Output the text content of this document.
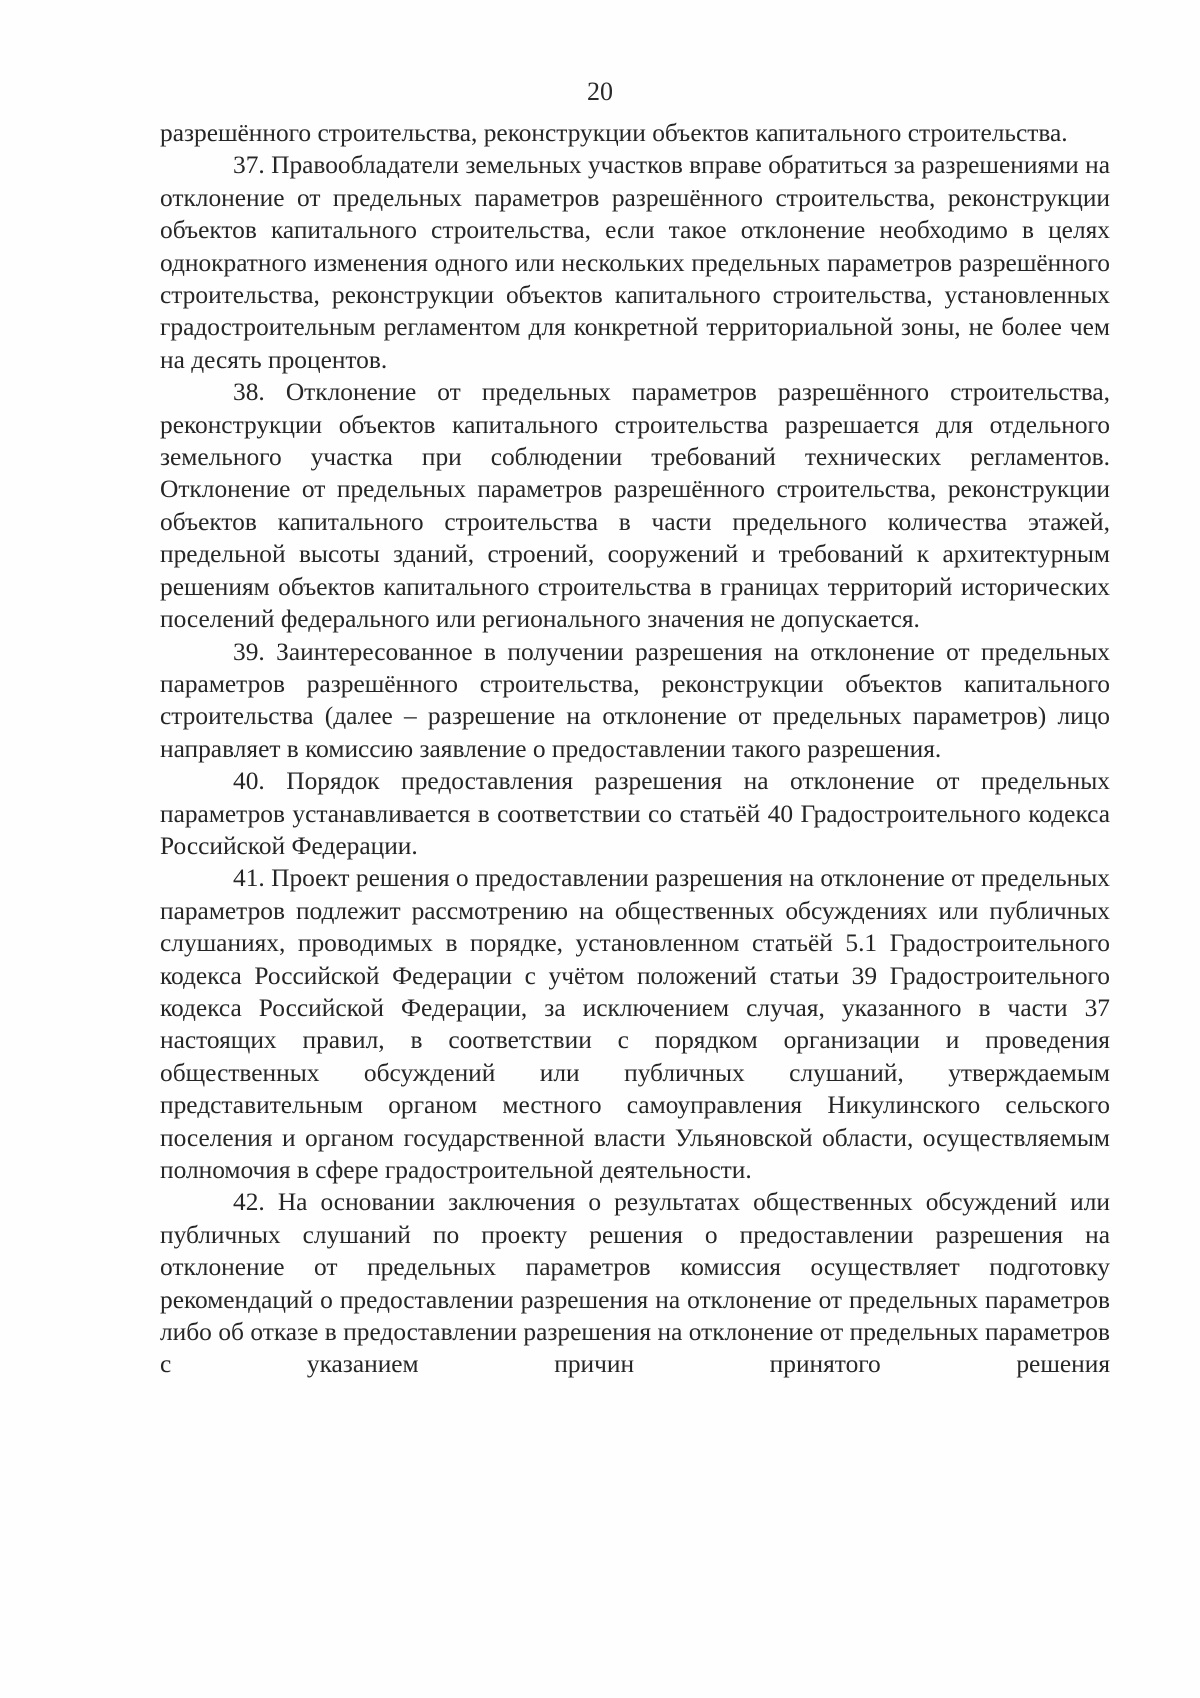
20

разрешённого строительства, реконструкции объектов капитального строительства.

37. Правообладатели земельных участков вправе обратиться за разрешениями на отклонение от предельных параметров разрешённого строительства, реконструкции объектов капитального строительства, если такое отклонение необходимо в целях однократного изменения одного или нескольких предельных параметров разрешённого строительства, реконструкции объектов капитального строительства, установленных градостроительным регламентом для конкретной территориальной зоны, не более чем на десять процентов.

38. Отклонение от предельных параметров разрешённого строительства, реконструкции объектов капитального строительства разрешается для отдельного земельного участка при соблюдении требований технических регламентов. Отклонение от предельных параметров разрешённого строительства, реконструкции объектов капитального строительства в части предельного количества этажей, предельной высоты зданий, строений, сооружений и требований к архитектурным решениям объектов капитального строительства в границах территорий исторических поселений федерального или регионального значения не допускается.

39. Заинтересованное в получении разрешения на отклонение от предельных параметров разрешённого строительства, реконструкции объектов капитального строительства (далее – разрешение на отклонение от предельных параметров) лицо направляет в комиссию заявление о предоставлении такого разрешения.

40. Порядок предоставления разрешения на отклонение от предельных параметров устанавливается в соответствии со статьёй 40 Градостроительного кодекса Российской Федерации.

41. Проект решения о предоставлении разрешения на отклонение от предельных параметров подлежит рассмотрению на общественных обсуждениях или публичных слушаниях, проводимых в порядке, установленном статьёй 5.1 Градостроительного кодекса Российской Федерации с учётом положений статьи 39 Градостроительного кодекса Российской Федерации, за исключением случая, указанного в части 37 настоящих правил, в соответствии с порядком организации и проведения общественных обсуждений или публичных слушаний, утверждаемым представительным органом местного самоуправления Никулинского сельского поселения и органом государственной власти Ульяновской области, осуществляемым полномочия в сфере градостроительной деятельности.

42. На основании заключения о результатах общественных обсуждений или публичных слушаний по проекту решения о предоставлении разрешения на отклонение от предельных параметров комиссия осуществляет подготовку рекомендаций о предоставлении разрешения на отклонение от предельных параметров либо об отказе в предоставлении разрешения на отклонение от предельных параметров с указанием причин принятого решения
